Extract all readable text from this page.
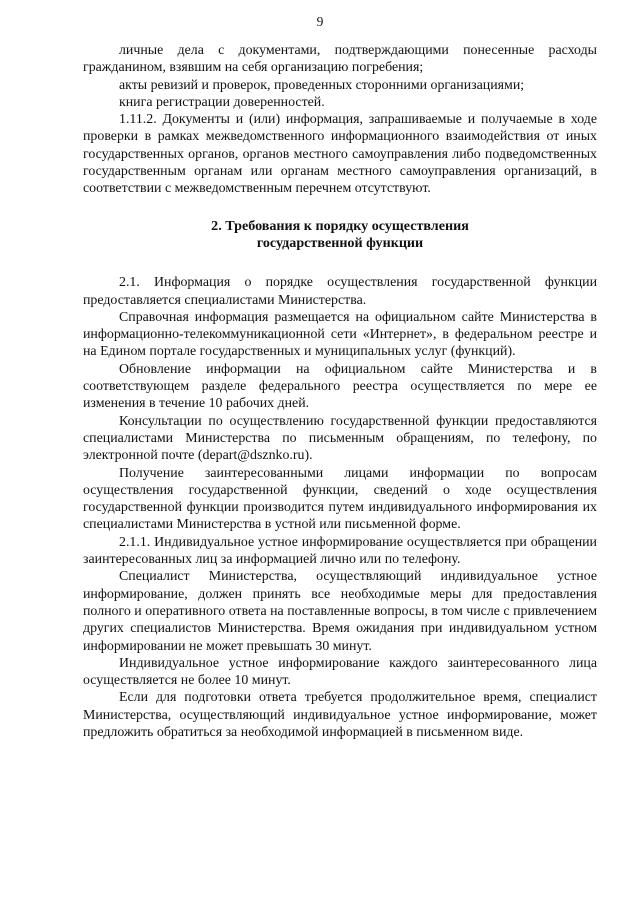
9

личные дела с документами, подтверждающими понесенные расходы гражданином, взявшим на себя организацию погребения;

акты ревизий и проверок, проведенных сторонними организациями;

книга регистрации доверенностей.

1.11.2. Документы и (или) информация, запрашиваемые и получаемые в ходе проверки в рамках межведомственного информационного взаимодействия от иных государственных органов, органов местного самоуправления либо подведомственных государственным органам или органам местного самоуправления организаций, в соответствии с межведомственным перечнем отсутствуют.

2. Требования к порядку осуществления

государственной функции

2.1. Информация о порядке осуществления государственной функции предоставляется специалистами Министерства.

Справочная информация размещается на официальном сайте Министерства в информационно-телекоммуникационной сети «Интернет», в федеральном реестре и на Едином портале государственных и муниципальных услуг (функций).

Обновление информации на официальном сайте Министерства и в соответствующем разделе федерального реестра осуществляется по мере ее изменения в течение 10 рабочих дней.

Консультации по осуществлению государственной функции предоставляются специалистами Министерства по письменным обращениям, по телефону, по электронной почте (depart@dsznko.ru).

Получение заинтересованными лицами информации по вопросам осуществления государственной функции, сведений о ходе осуществления государственной функции производится путем индивидуального информирования их специалистами Министерства в устной или письменной форме.

2.1.1. Индивидуальное устное информирование осуществляется при обращении заинтересованных лиц за информацией лично или по телефону.

Специалист Министерства, осуществляющий индивидуальное устное информирование, должен принять все необходимые меры для предоставления полного и оперативного ответа на поставленные вопросы, в том числе с привлечением других специалистов Министерства. Время ожидания при индивидуальном устном информировании не может превышать 30 минут.

Индивидуальное устное информирование каждого заинтересованного лица осуществляется не более 10 минут.

Если для подготовки ответа требуется продолжительное время, специалист Министерства, осуществляющий индивидуальное устное информирование, может предложить обратиться за необходимой информацией в письменном виде.
